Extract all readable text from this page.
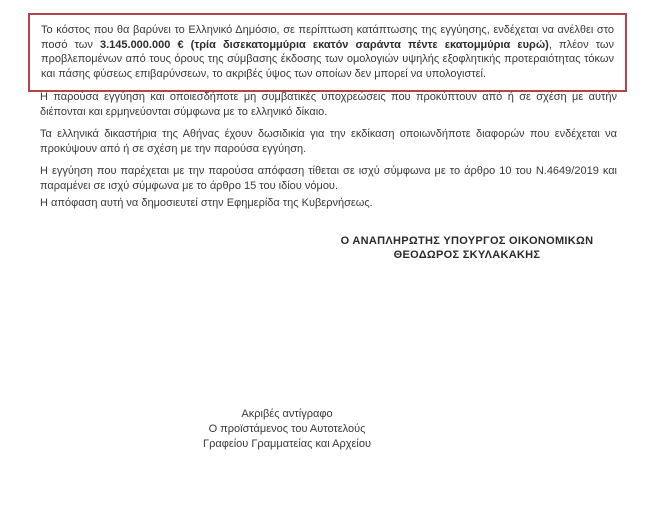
Το κόστος που θα βαρύνει το Ελληνικό Δημόσιο, σε περίπτωση κατάπτωσης της εγγύησης, ενδέχεται να ανέλθει στο ποσό των 3.145.000.000 € (τρία δισεκατομμύρια εκατόν σαράντα πέντε εκατομμύρια ευρώ), πλέον των προβλεπομένων από τους όρους της σύμβασης έκδοσης των ομολογιών υψηλής εξοφλητικής προτεραιότητας τόκων και πάσης φύσεως επιβαρύνσεων, το ακριβές ύψος των οποίων δεν μπορεί να υπολογιστεί.

Η παρούσα εγγύηση και οποιεσδήποτε μη συμβατικές υποχρεώσεις που προκύπτουν από ή σε σχέση με αυτήν διέπονται και ερμηνεύονται σύμφωνα με το ελληνικό δίκαιο.

Τα ελληνικά δικαστήρια της Αθήνας έχουν δωσιδικία για την εκδίκαση οποιωνδήποτε διαφορών που ενδέχεται να προκύψουν από ή σε σχέση με την παρούσα εγγύηση.

Η εγγύηση που παρέχεται με την παρούσα απόφαση τίθεται σε ισχύ σύμφωνα με το άρθρο 10 του Ν.4649/2019 και παραμένει σε ισχύ σύμφωνα με το άρθρο 15 του ιδίου νόμου.

Η απόφαση αυτή να δημοσιευτεί στην Εφημερίδα της Κυβερνήσεως.

Ο ΑΝΑΠΛΗΡΩΤΗΣ ΥΠΟΥΡΓΟΣ ΟΙΚΟΝΟΜΙΚΩΝ
ΘΕΟΔΩΡΟΣ ΣΚΥΛΑΚΑΚΗΣ
Ακριβές αντίγραφο
Ο προϊστάμενος του Αυτοτελούς
Γραφείου Γραμματείας και Αρχείου
